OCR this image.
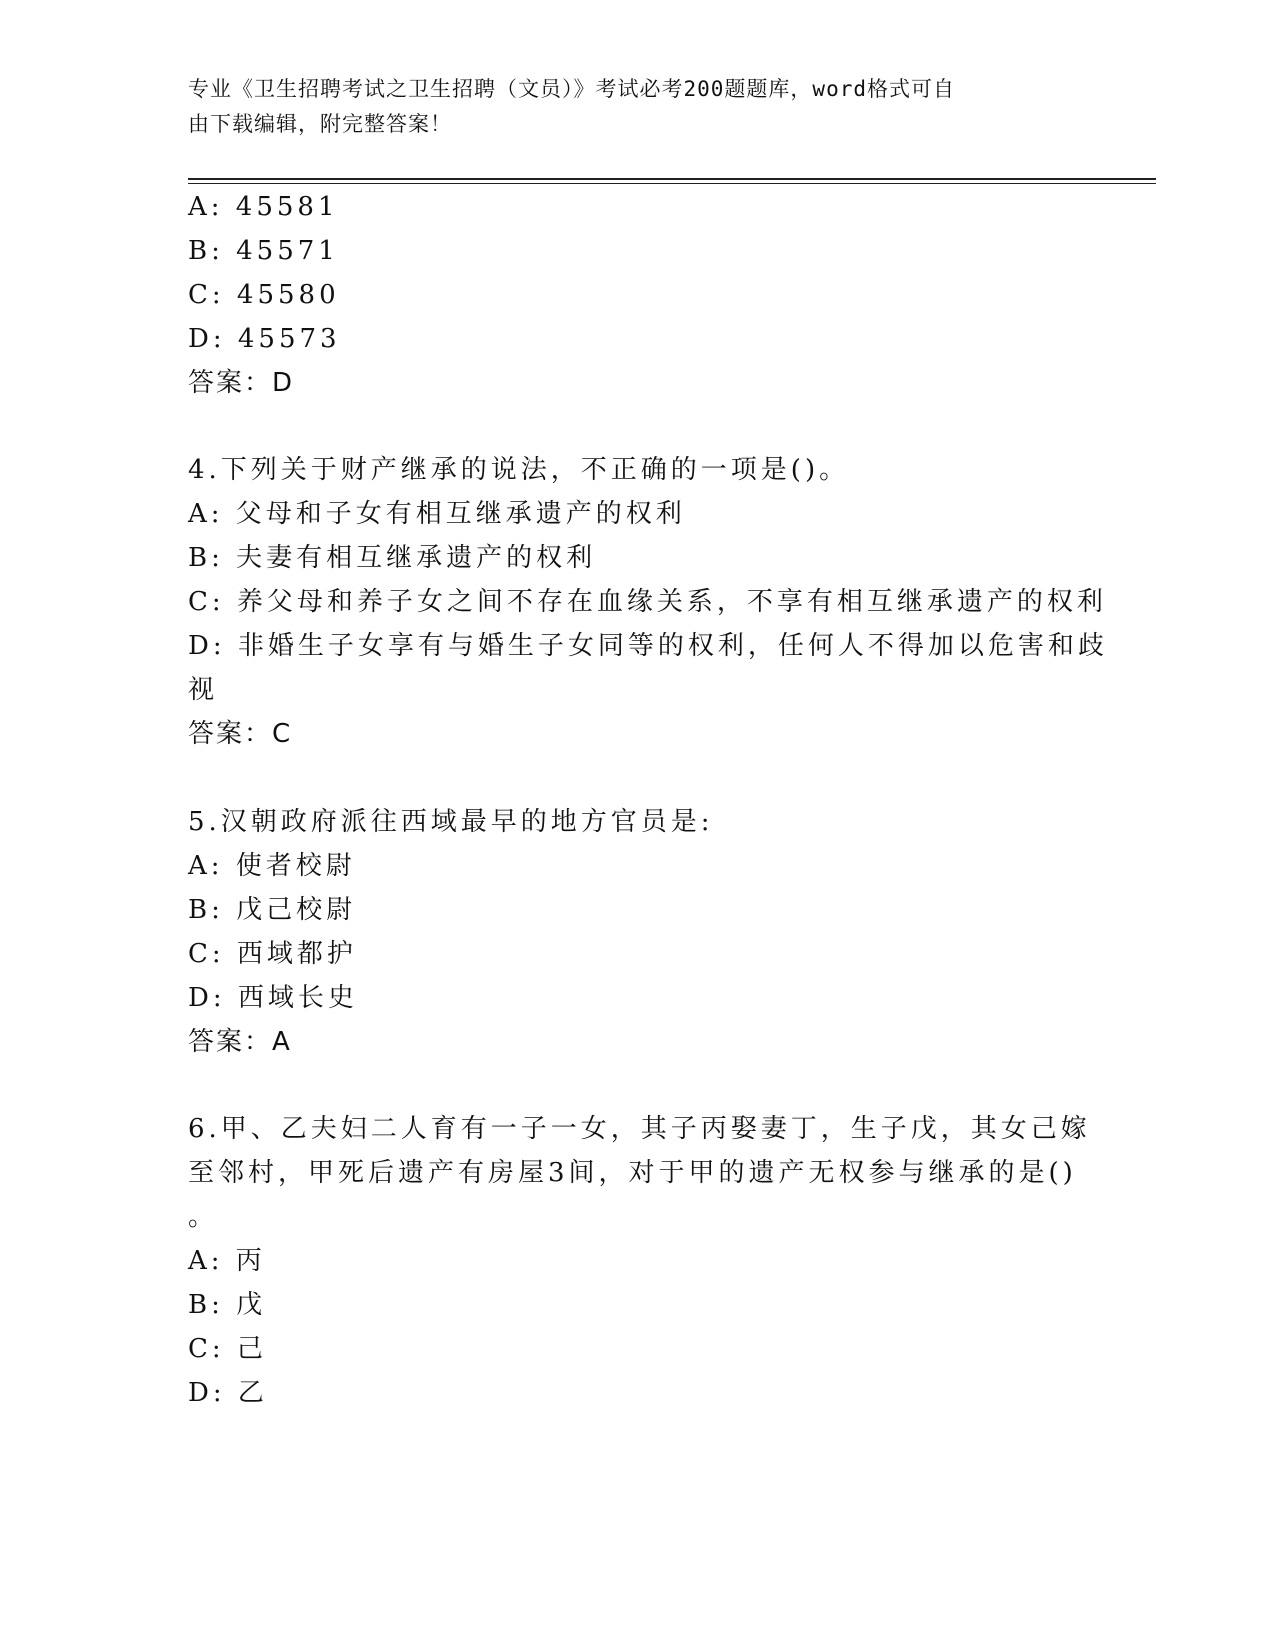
专业《卫生招聘考试之卫生招聘（文员）》考试必考200题题库，word格式可自
由下载编辑，附完整答案！
A: 45581
B: 45571
C: 45580
D: 45573
答案：D
4.下列关于财产继承的说法，不正确的一项是()。
A: 父母和子女有相互继承遗产的权利
B: 夫妻有相互继承遗产的权利
C: 养父母和养子女之间不存在血缘关系，不享有相互继承遗产的权利
D: 非婚生子女享有与婚生子女同等的权利，任何人不得加以危害和歧
视
答案：C
5.汉朝政府派往西域最早的地方官员是:
A: 使者校尉
B: 戊己校尉
C: 西域都护
D: 西域长史
答案：A
6.甲、乙夫妇二人育有一子一女，其子丙娶妻丁，生子戊，其女己嫁
至邻村，甲死后遗产有房屋3间，对于甲的遗产无权参与继承的是()
。
A: 丙
B: 戊
C: 己
D: 乙
